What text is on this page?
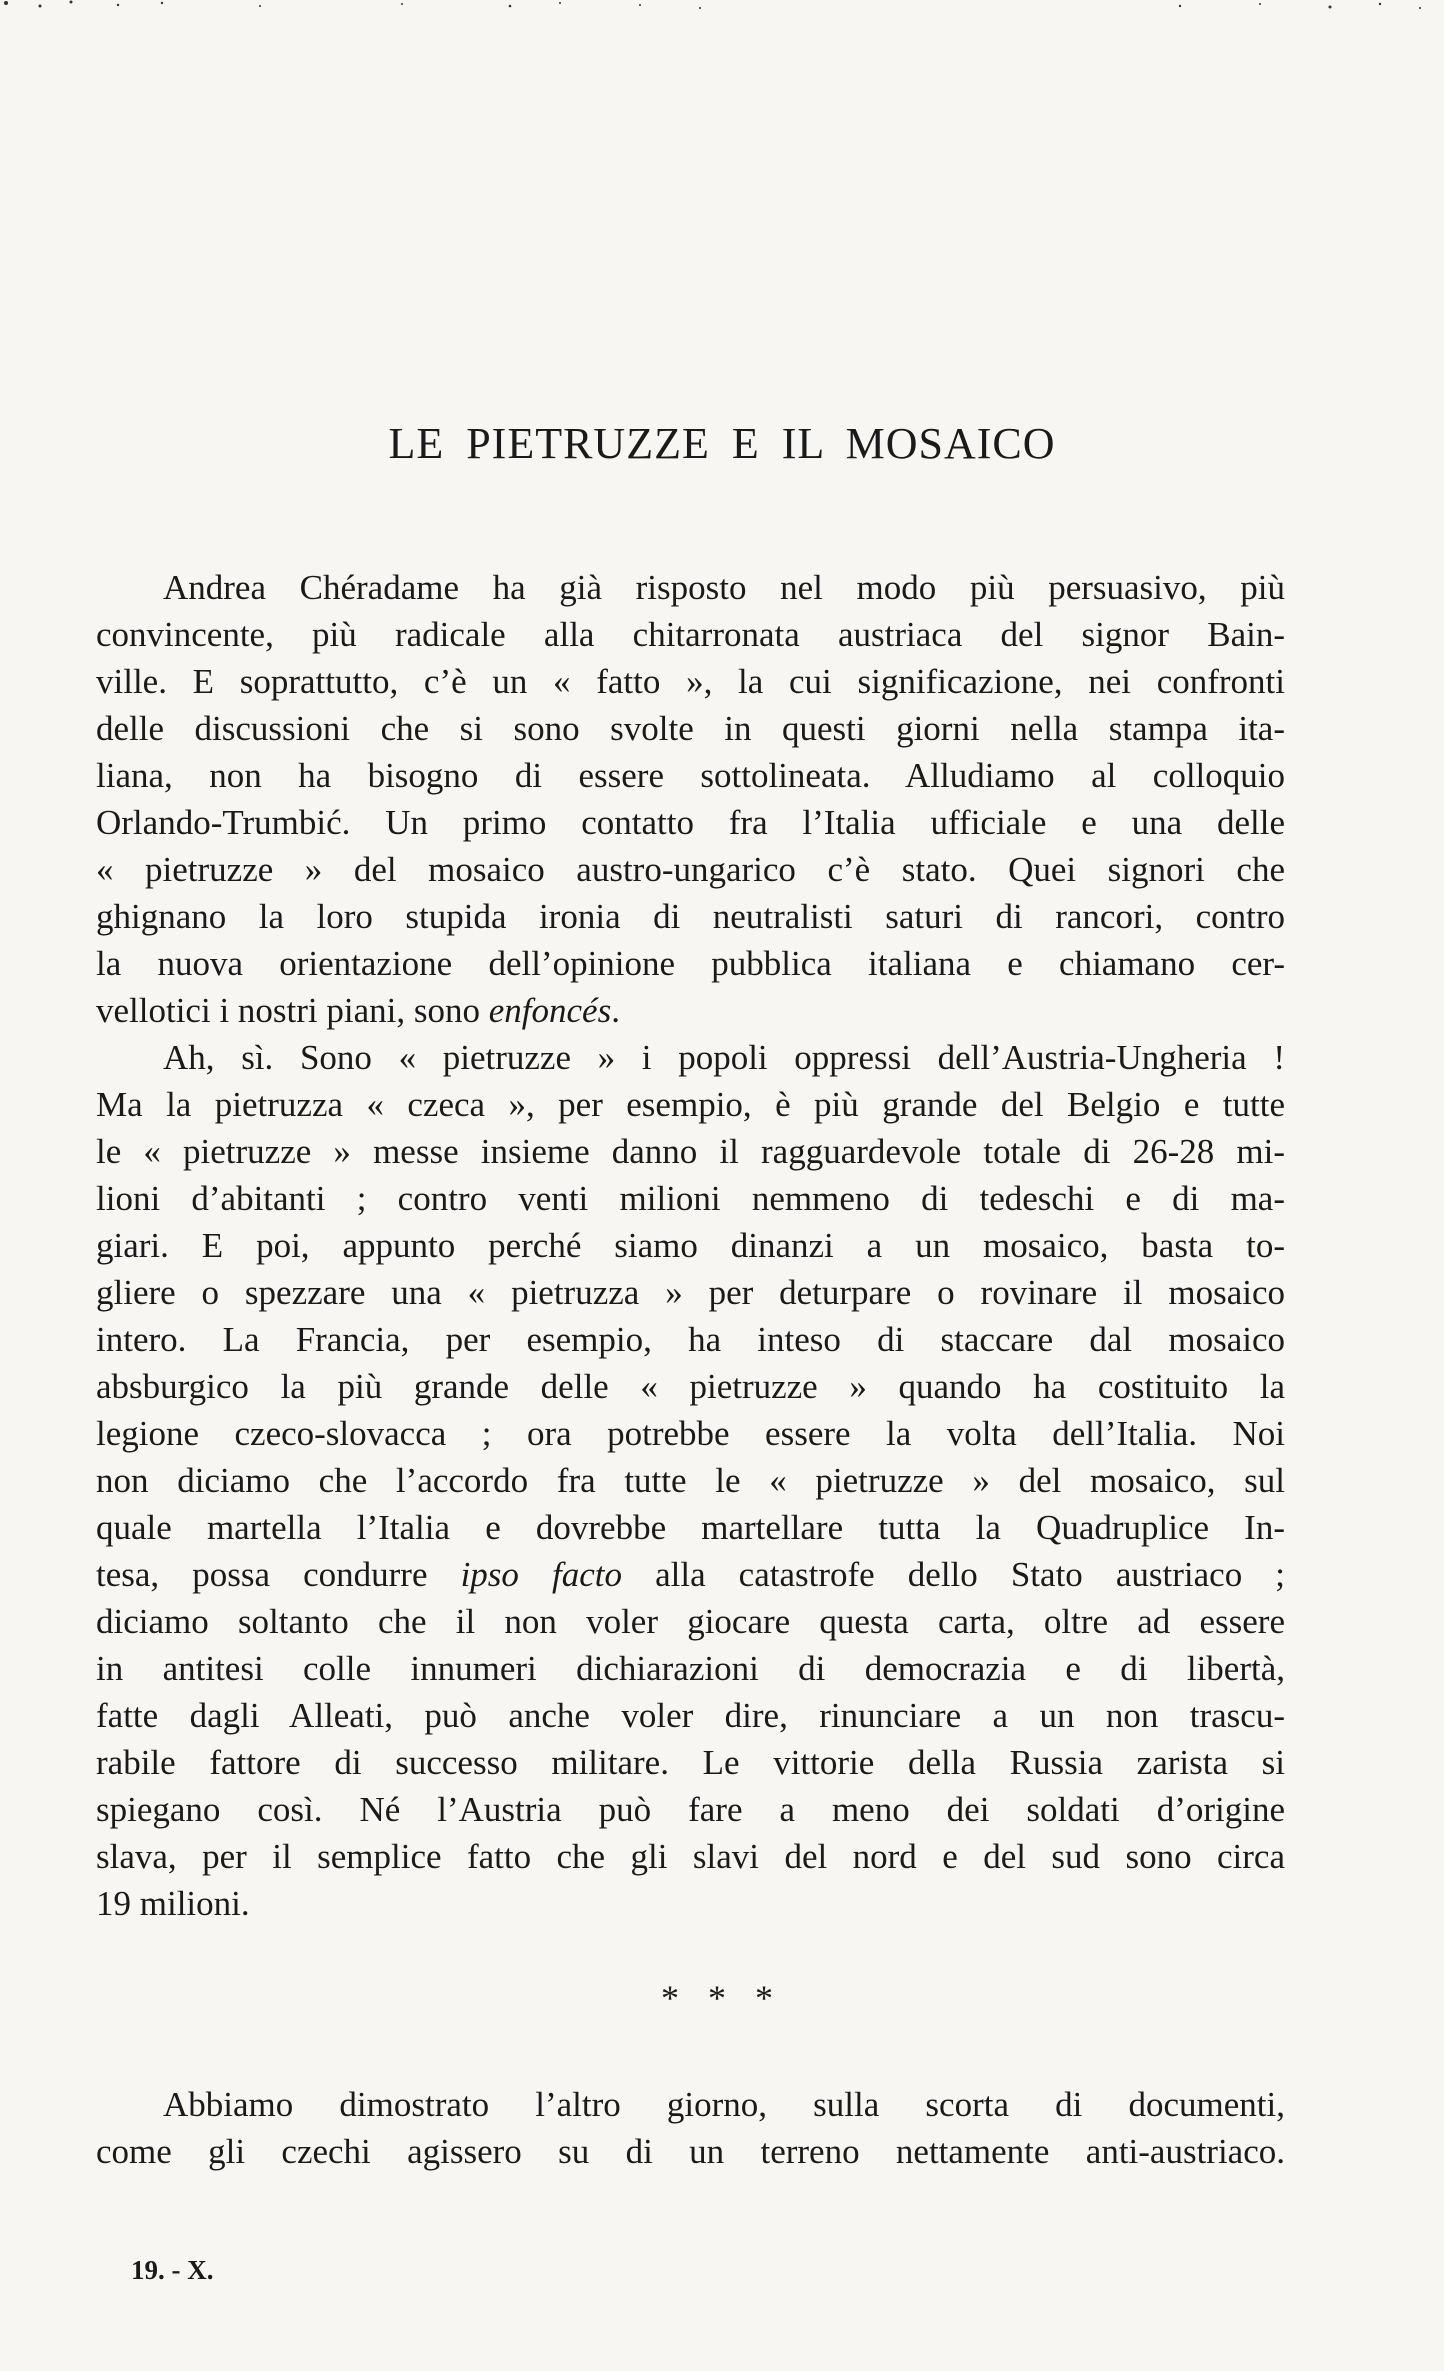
LE PIETRUZZE E IL MOSAICO

Andrea Chéradame ha già risposto nel modo più persuasivo, più

convincente, più radicale alla chitarronata austriaca del signor Bain-

ville. E soprattutto, c’è un « fatto », la cui significazione, nei confronti

delle discussioni che si sono svolte in questi giorni nella stampa ita-

liana, non ha bisogno di essere sottolineata. Alludiamo al colloquio

Orlando-Trumbić. Un primo contatto fra l’Italia ufficiale e una delle

« pietruzze » del mosaico austro-ungarico c’è stato. Quei signori che

ghignano la loro stupida ironia di neutralisti saturi di rancori, contro

la nuova orientazione dell’opinione pubblica italiana e chiamano cer-

vellotici i nostri piani, sono enfoncés.

Ah, sì. Sono « pietruzze » i popoli oppressi dell’Austria-Ungheria !

Ma la pietruzza « czeca », per esempio, è più grande del Belgio e tutte

le « pietruzze » messe insieme danno il ragguardevole totale di 26-28 mi-

lioni d’abitanti ; contro venti milioni nemmeno di tedeschi e di ma-

giari. E poi, appunto perché siamo dinanzi a un mosaico, basta to-

gliere o spezzare una « pietruzza » per deturpare o rovinare il mosaico

intero. La Francia, per esempio, ha inteso di staccare dal mosaico

absburgico la più grande delle « pietruzze » quando ha costituito la

legione czeco-slovacca ; ora potrebbe essere la volta dell’Italia. Noi

non diciamo che l’accordo fra tutte le « pietruzze » del mosaico, sul

quale martella l’Italia e dovrebbe martellare tutta la Quadruplice In-

tesa, possa condurre ipso facto alla catastrofe dello Stato austriaco ;

diciamo soltanto che il non voler giocare questa carta, oltre ad essere

in antitesi colle innumeri dichiarazioni di democrazia e di libertà,

fatte dagli Alleati, può anche voler dire, rinunciare a un non trascu-

rabile fattore di successo militare. Le vittorie della Russia zarista si

spiegano così. Né l’Austria può fare a meno dei soldati d’origine

slava, per il semplice fatto che gli slavi del nord e del sud sono circa

19 milioni.

* * *

Abbiamo dimostrato l’altro giorno, sulla scorta di documenti,

come gli czechi agissero su di un terreno nettamente anti-austriaco.

19. - X.
